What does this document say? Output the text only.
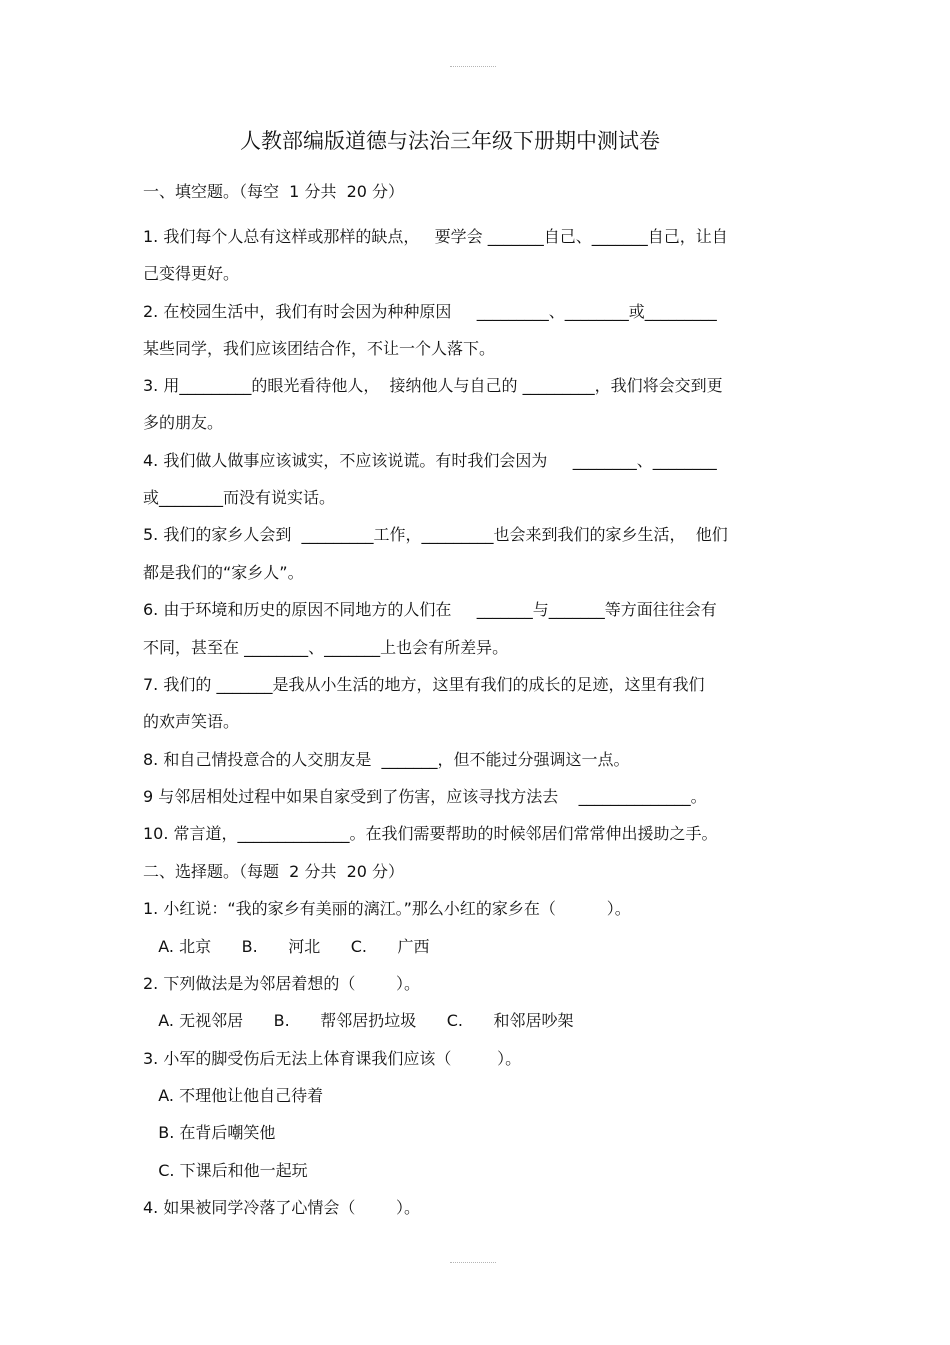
人教部编版道德与法治三年级下册期中测试卷
一、填空题。（每空  1 分共  20 分）
1. 我们每个人总有这样或那样的缺点，   要学会 _______自己、_______自己，让自
己变得更好。
2. 在校园生活中，我们有时会因为种种原因     _________、________或_________
某些同学，我们应该团结合作，不让一个人落下。
3. 用_________的眼光看待他人，  接纳他人与自己的 _________，我们将会交到更
多的朋友。
4. 我们做人做事应该诚实，不应该说谎。有时我们会因为     ________、________
或________而没有说实话。
5. 我们的家乡人会到  _________工作，_________也会来到我们的家乡生活，  他们
都是我们的“家乡人”。
6. 由于环境和历史的原因不同地方的人们在     _______与_______等方面往往会有
不同，甚至在 ________、_______上也会有所差异。
7. 我们的 _______是我从小生活的地方，这里有我们的成长的足迹，这里有我们
的欢声笑语。
8. 和自己情投意合的人交朋友是  _______，但不能过分强调这一点。
9 与邻居相处过程中如果自家受到了伤害，应该寻找方法去    ______________。
10. 常言道，______________。在我们需要帮助的时候邻居们常常伸出援助之手。
二、选择题。（每题  2 分共  20 分）
1. 小红说：“我的家乡有美丽的漓江。”那么小红的家乡在（          ）。
A. 北京      B.      河北      C.      广西
2. 下列做法是为邻居着想的（        ）。
A. 无视邻居      B.      帮邻居扔垃圾      C.      和邻居吵架
3. 小军的脚受伤后无法上体育课我们应该（         ）。
A. 不理他让他自己待着
B. 在背后嘲笑他
C. 下课后和他一起玩
4. 如果被同学冷落了心情会（        ）。
